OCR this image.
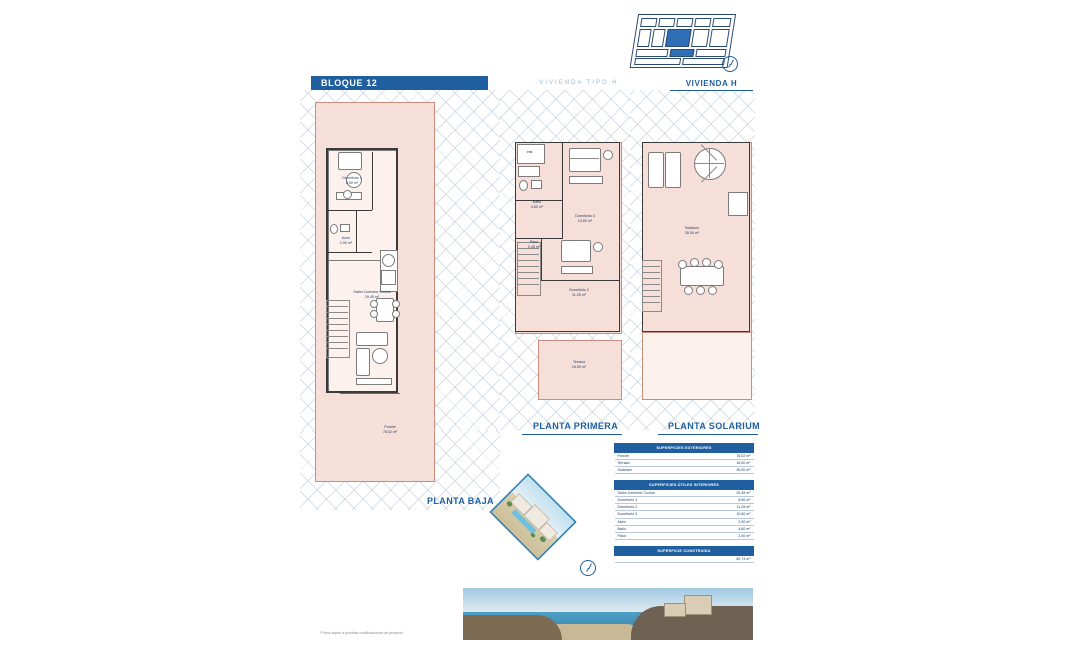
BLOQUE 12	VIVIENDA TIPO H	VIVIENDA H
Dormitorio 1
8.50 m²
Aseo
2.90 m²
Salón Comedor Cocina
29.45 m²
Porche
78.02 m²
PLANTA BAJA
Inst.
Baño
4.60 m²
Dormitorio 3
10.60 m²
Paso
2.45 m²
Dormitorio 2
11.25 m²
Terraza
16.50 m²
PLANTA PRIMERA
Solarium
35.50 m²
PLANTA SOLARIUM
SUPERFICIES EXTERIORES	
Porche	78,02 m²
Terraza	16,50 m²
Solarium	35,50 m²
SUPERFICIES ÚTILES INTERIORES	
Salón Comedor Cocina	29,45 m²
Dormitorio 1	8,50 m²
Dormitorio 2	11,25 m²
Dormitorio 3	10,60 m²
Aseo	2,90 m²
Baño	4,60 m²
Paso	2,40 m²
SUPERFICIE CONSTRUIDA
	82,74 m²
*Plano sujeto a posibles modificaciones de proyecto.
